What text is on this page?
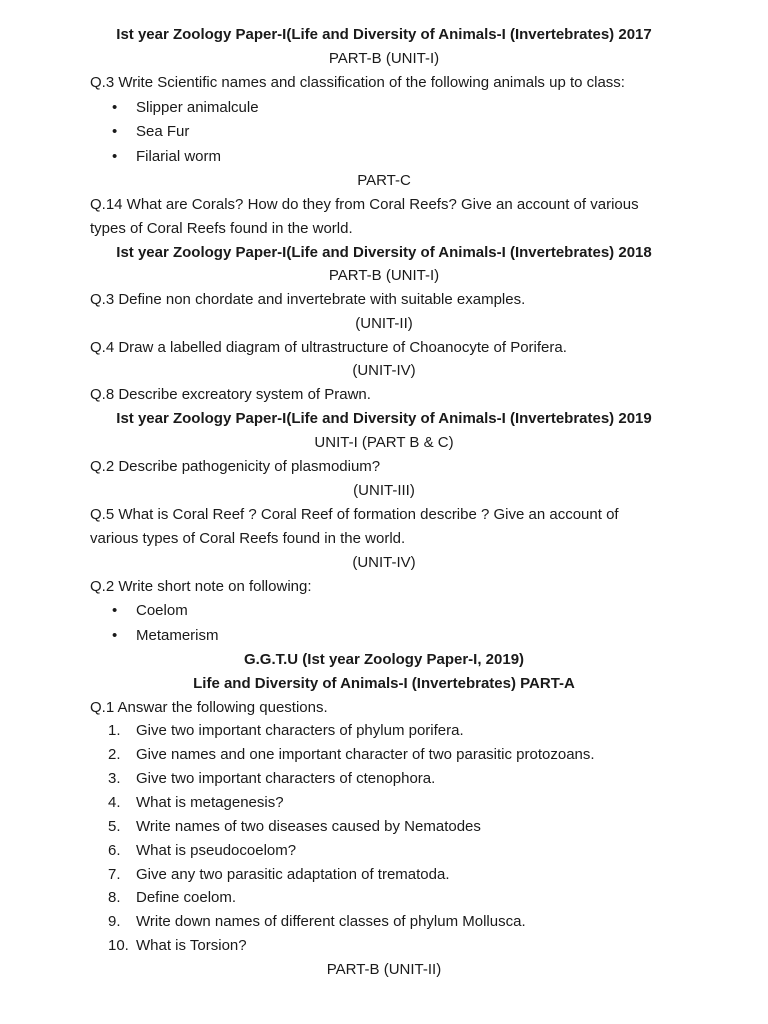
Ist year Zoology Paper-I(Life and Diversity of Animals-I (Invertebrates) 2017
PART-B (UNIT-I)
Q.3 Write Scientific names and classification of the following animals up to class:
• Slipper animalcule
• Sea Fur
• Filarial worm
PART-C
Q.14 What are Corals? How do they from Coral Reefs? Give an account of various
types of Coral Reefs found in the world.
Ist year Zoology Paper-I(Life and Diversity of Animals-I (Invertebrates) 2018
PART-B (UNIT-I)
Q.3 Define non chordate and invertebrate with suitable examples.
(UNIT-II)
Q.4 Draw a labelled diagram of ultrastructure of Choanocyte of Porifera.
(UNIT-IV)
Q.8 Describe excreatory system of Prawn.
Ist year Zoology Paper-I(Life and Diversity of Animals-I (Invertebrates) 2019
UNIT-I (PART B & C)
Q.2 Describe pathogenicity of plasmodium?
(UNIT-III)
Q.5 What is Coral Reef ? Coral Reef of formation describe ? Give an account of
various types of Coral Reefs found in the world.
(UNIT-IV)
Q.2 Write short note on following:
• Coelom
• Metamerism
G.G.T.U (Ist year Zoology Paper-I, 2019)
Life and Diversity of Animals-I (Invertebrates) PART-A
Q.1 Answar the following questions.
1.	Give two important characters of phylum porifera.
2.	Give names and one important character of two parasitic protozoans.
3.	Give two important characters of ctenophora.
4.	What is metagenesis?
5.	Write names of two diseases caused by Nematodes
6.	What is pseudocoelom?
7.	Give any two parasitic adaptation of trematoda.
8.	Define coelom.
9.	Write down names of different classes of phylum Mollusca.
10. What is Torsion?
PART-B (UNIT-II)
